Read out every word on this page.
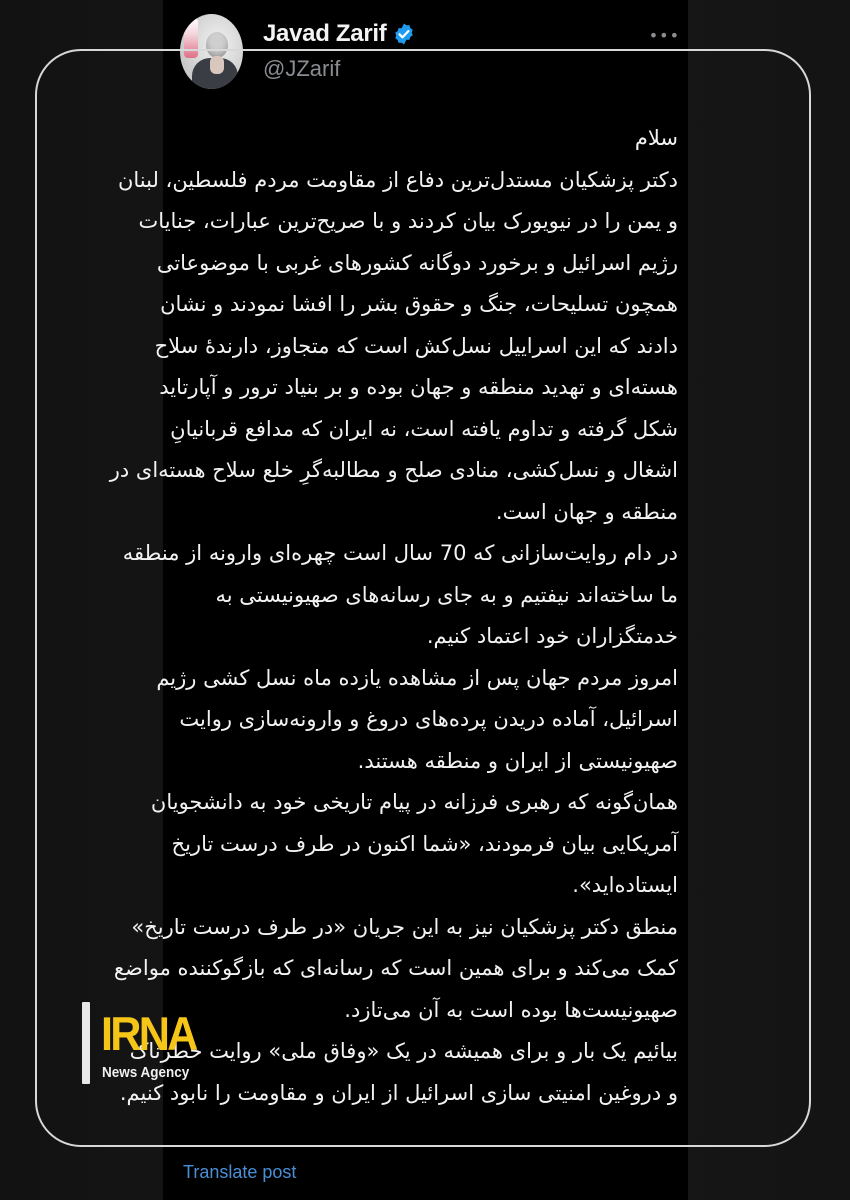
Javad Zarif
@JZarif
•••
سلام
دکتر پزشکیان مستدل‌ترین دفاع از مقاومت مردم فلسطین، لبنان
و یمن را در نیویورک بیان کردند و با صریح‌ترین عبارات، جنایات
رژیم اسرائیل و برخورد دوگانه کشورهای غربی با موضوعاتی
همچون تسلیحات، جنگ و حقوق بشر را افشا نمودند و نشان
دادند که این اسراییل نسل‌کش است که متجاوز، دارندۀ سلاح
هسته‌ای و تهدید منطقه و جهان بوده و بر بنیاد ترور و آپارتاید
شکل گرفته و تداوم یافته است، نه ایران که مدافع قربانیانِ
اشغال و نسل‌کشی، منادی صلح و مطالبه‌گرِ خلع سلاح هسته‌ای در
منطقه و جهان است.
در دام روایت‌سازانی که 70 سال است چهره‌ای وارونه از منطقه
ما ساخته‌اند نیفتیم و به جای رسانه‌های صهیونیستی به
خدمتگزاران خود اعتماد کنیم.
امروز مردم جهان پس از مشاهده یازده ماه نسل کشی رژیم
اسرائیل، آماده دریدن پرده‌های دروغ و وارونه‌سازی روایت
صهیونیستی از ایران و منطقه هستند.
همان‌گونه که رهبری فرزانه در پیام تاریخی خود به دانشجویان
آمریکایی بیان فرمودند، «شما اکنون در طرف درست تاریخ
ایستاده‌اید».
منطق دکتر پزشکیان نیز به این جریان «در طرف درست تاریخ»
کمک می‌کند و برای همین است که رسانه‌ای که بازگوکننده مواضع
صهیونیست‌ها بوده است به آن می‌تازد.
بیائیم یک بار و برای همیشه در یک «وفاق ملی» روایت خطرناک
و دروغین امنیتی سازی اسرائیل از ایران و مقاومت را نابود کنیم.
Translate post
IRNA
News Agency
